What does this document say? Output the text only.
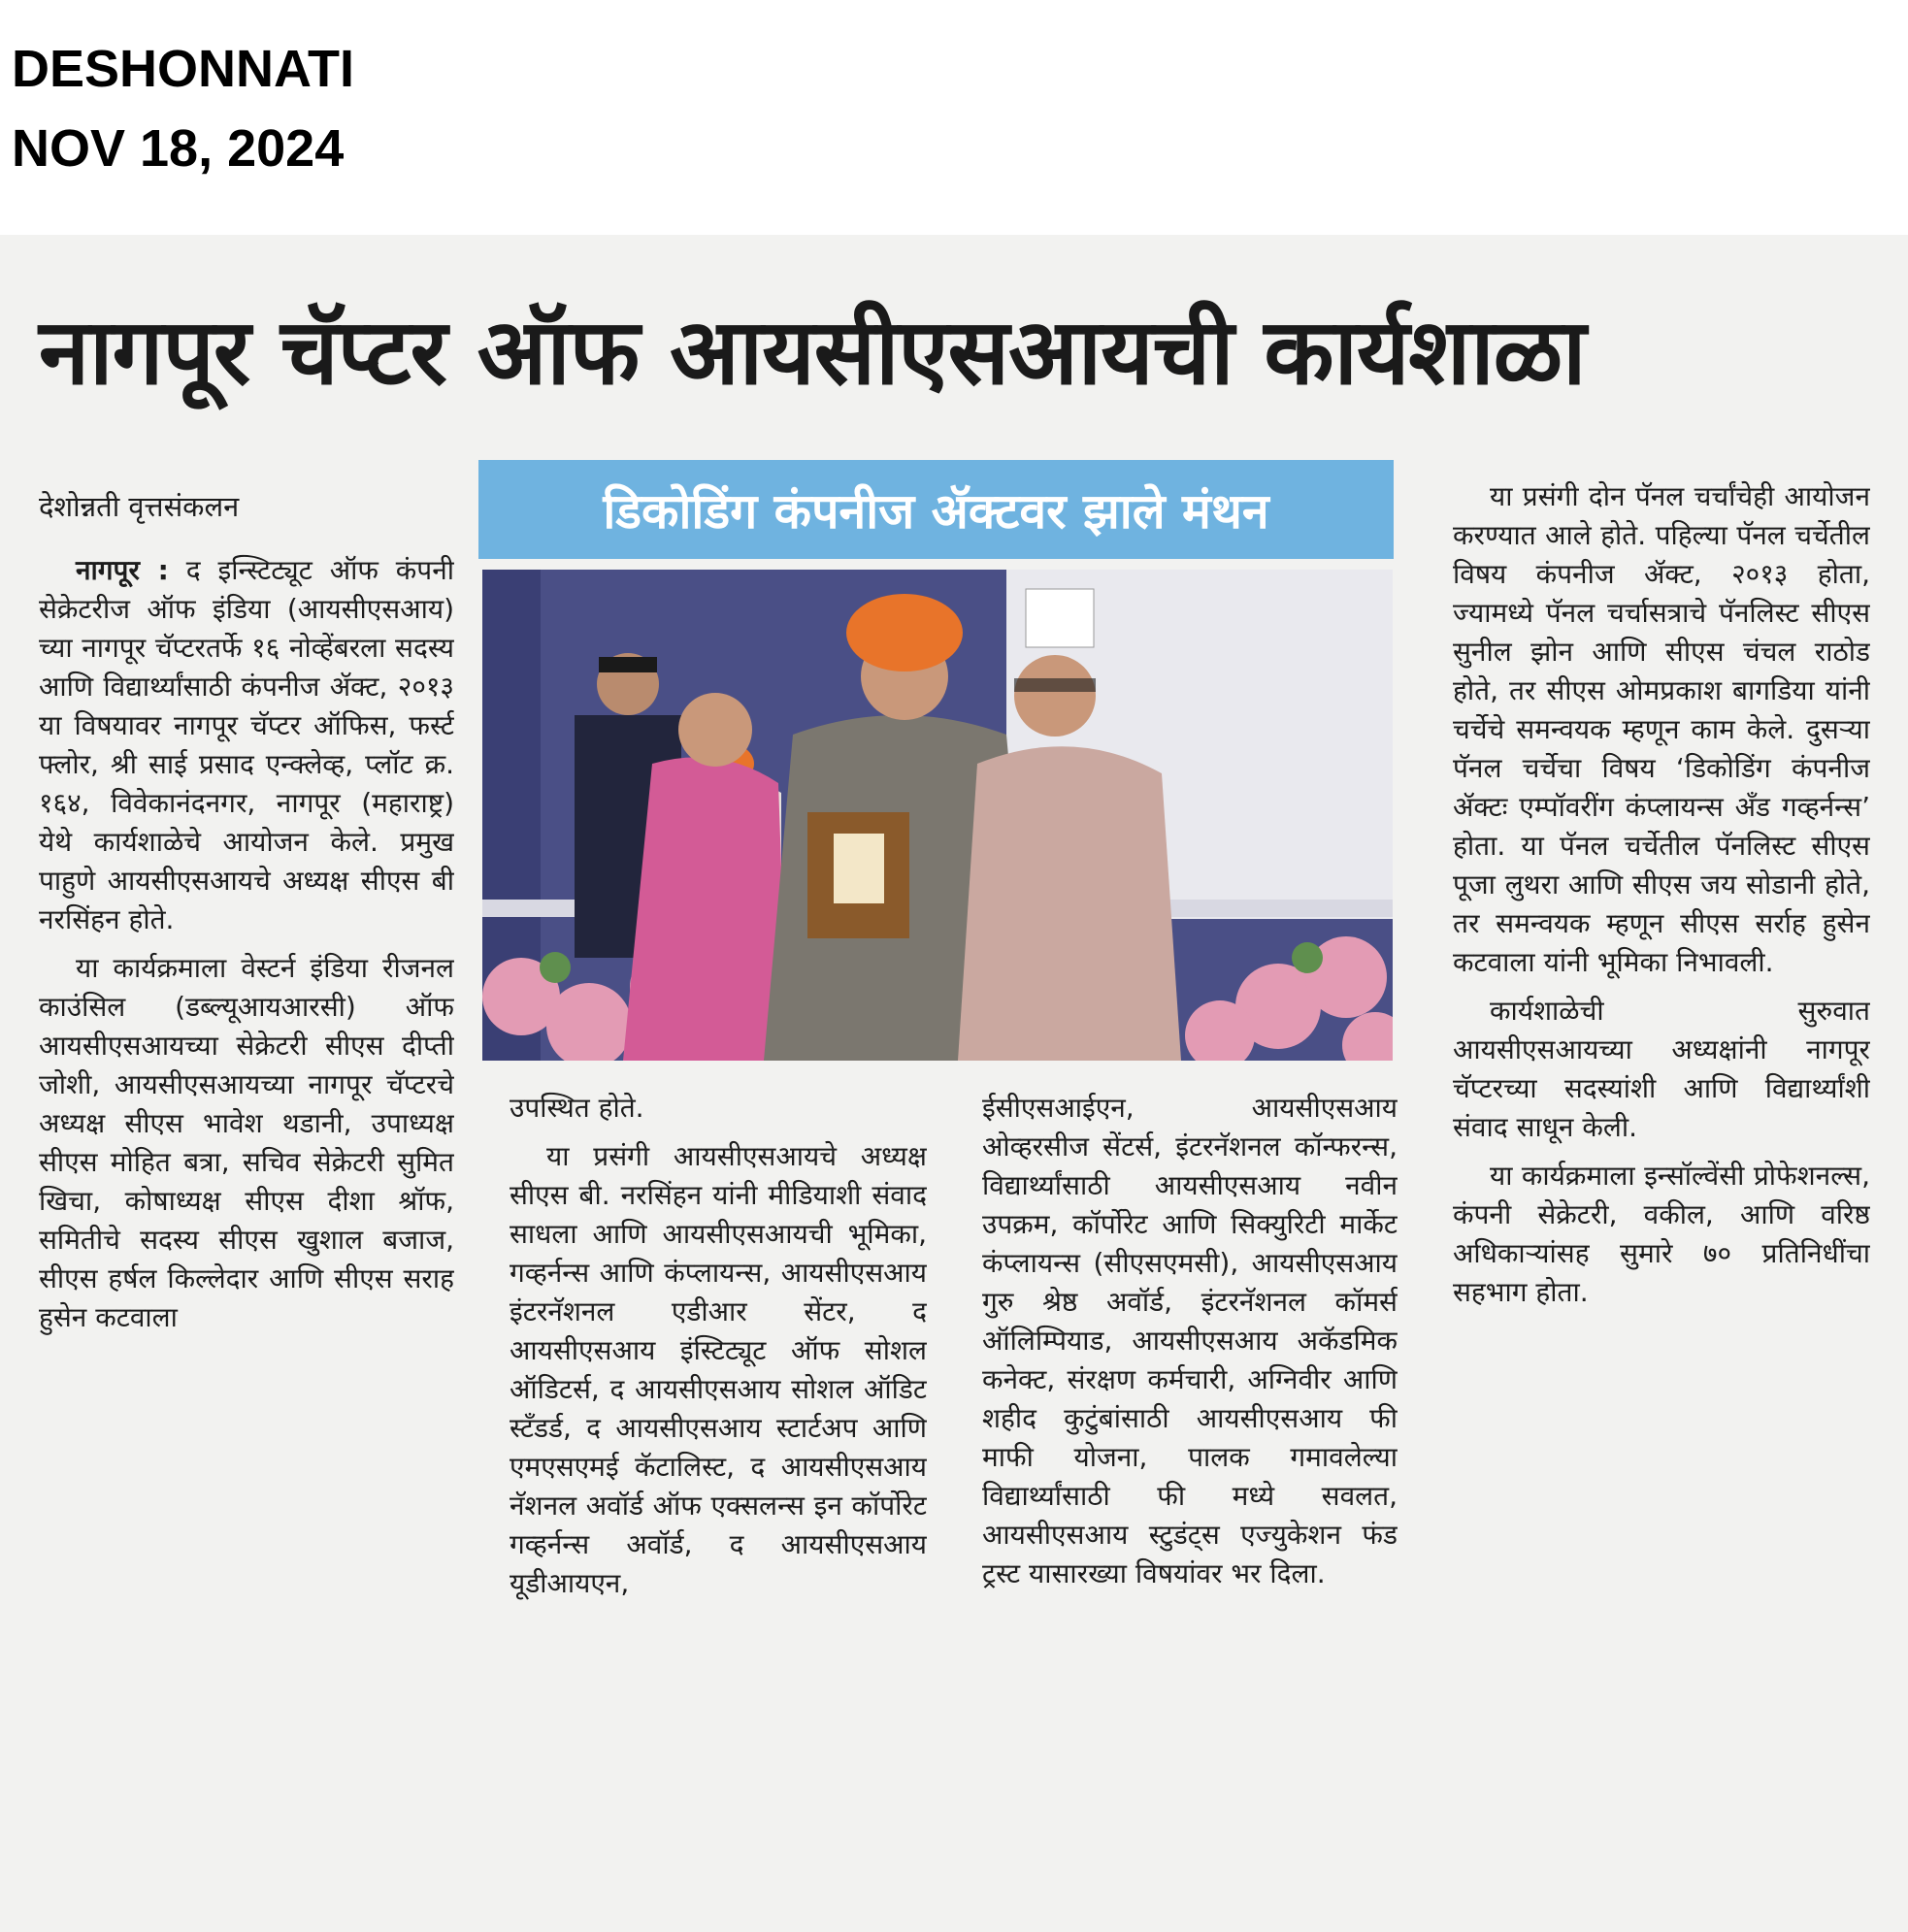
DESHONNATI
NOV 18, 2024
नागपूर चॅप्टर ऑफ आयसीएसआयची कार्यशाळा
डिकोडिंग कंपनीज ॲक्टवर झाले मंथन

देशोन्नती वृत्तसंकलन

नागपूर : द इन्स्टिट्यूट ऑफ कंपनी सेक्रेटरीज ऑफ इंडिया (आयसीएसआय) च्या नागपूर चॅप्टरतर्फे १६ नोव्हेंबरला सदस्य आणि विद्यार्थ्यांसाठी कंपनीज ॲक्ट, २०१३ या विषयावर नागपूर चॅप्टर ऑफिस, फर्स्ट फ्लोर, श्री साई प्रसाद एन्क्लेव्ह, प्लॉट क्र. १६४, विवेकानंदनगर, नागपूर (महाराष्ट्र) येथे कार्यशाळेचे आयोजन केले. प्रमुख पाहुणे आयसीएसआयचे अध्यक्ष सीएस बी नरसिंहन होते.

या कार्यक्रमाला वेस्टर्न इंडिया रीजनल काउंसिल (डब्ल्यूआयआरसी) ऑफ आयसीएसआयच्या सेक्रेटरी सीएस दीप्ती जोशी, आयसीएसआयच्या नागपूर चॅप्टरचे अध्यक्ष सीएस भावेश थडानी, उपाध्यक्ष सीएस मोहित बत्रा, सचिव सेक्रेटरी सुमित खिचा, कोषाध्यक्ष सीएस दीशा श्रॉफ, समितीचे सदस्य सीएस खुशाल बजाज, सीएस हर्षल किल्लेदार आणि सीएस सराह हुसेन कटवाला

उपस्थित होते.

या प्रसंगी आयसीएसआयचे अध्यक्ष सीएस बी. नरसिंहन यांनी मीडियाशी संवाद साधला आणि आयसीएसआयची भूमिका, गव्हर्नन्स आणि कंप्लायन्स, आयसीएसआय इंटरनॅशनल एडीआर सेंटर, द आयसीएसआय इंस्टिट्यूट ऑफ सोशल ऑडिटर्स, द आयसीएसआय सोशल ऑडिट स्टँडर्ड, द आयसीएसआय स्टार्टअप आणि एमएसएमई कॅटालिस्ट, द आयसीएसआय नॅशनल अवॉर्ड ऑफ एक्सलन्स इन कॉर्पोरेट गव्हर्नन्स अवॉर्ड, द आयसीएसआय यूडीआयएन,

ईसीएसआईएन, आयसीएसआय ओव्हरसीज सेंटर्स, इंटरनॅशनल कॉन्फरन्स, विद्यार्थ्यांसाठी आयसीएसआय नवीन उपक्रम, कॉर्पोरेट आणि सिक्युरिटी मार्केट कंप्लायन्स (सीएसएमसी), आयसीएसआय गुरु श्रेष्ठ अवॉर्ड, इंटरनॅशनल कॉमर्स ऑलिम्पियाड, आयसीएसआय अकॅडमिक कनेक्ट, संरक्षण कर्मचारी, अग्निवीर आणि शहीद कुटुंबांसाठी आयसीएसआय फी माफी योजना, पालक गमावलेल्या विद्यार्थ्यांसाठी फी मध्ये सवलत, आयसीएसआय स्टुडंट्स एज्युकेशन फंड ट्रस्ट यासारख्या विषयांवर भर दिला.

या प्रसंगी दोन पॅनल चर्चांचेही आयोजन करण्यात आले होते. पहिल्या पॅनल चर्चेतील विषय कंपनीज ॲक्ट, २०१३ होता, ज्यामध्ये पॅनल चर्चासत्राचे पॅनलिस्ट सीएस सुनील झोन आणि सीएस चंचल राठोड होते, तर सीएस ओमप्रकाश बागडिया यांनी चर्चेचे समन्वयक म्हणून काम केले. दुसऱ्या पॅनल चर्चेचा विषय ‘डिकोडिंग कंपनीज ॲक्टः एम्पॉवरींग कंप्लायन्स ॲंड गव्हर्नन्स’ होता. या पॅनल चर्चेतील पॅनलिस्ट सीएस पूजा लुथरा आणि सीएस जय सोडानी होते, तर समन्वयक म्हणून सीएस सर्राह हुसेन कटवाला यांनी भूमिका निभावली.

कार्यशाळेची सुरुवात आयसीएसआयच्या अध्यक्षांनी नागपूर चॅप्टरच्या सदस्यांशी आणि विद्यार्थ्यांशी संवाद साधून केली.

या कार्यक्रमाला इन्सॉल्वेंसी प्रोफेशनल्स, कंपनी सेक्रेटरी, वकील, आणि वरिष्ठ अधिकाऱ्यांसह सुमारे ७० प्रतिनिधींचा सहभाग होता.
